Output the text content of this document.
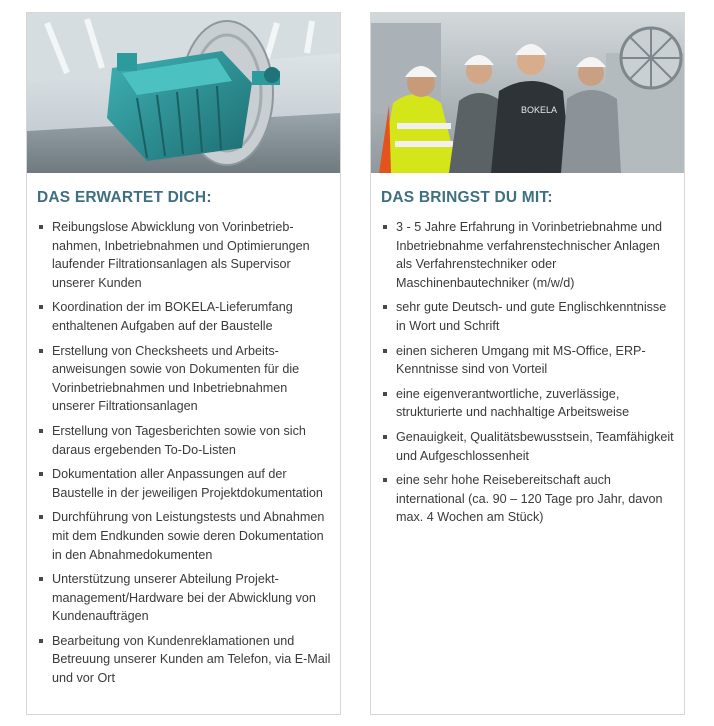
DAS ERWARTET DICH:
Reibungslose Abwicklung von Vorinbetrieb-nahmen, Inbetriebnahmen und Optimierungen laufender Filtrationsanlagen als Supervisor unserer Kunden
Koordination der im BOKELA-Lieferumfang enthaltenen Aufgaben auf der Baustelle
Erstellung von Checksheets und Arbeits-anweisungen sowie von Dokumenten für die Vorinbetriebnahmen und Inbetriebnahmen unserer Filtrationsanlagen
Erstellung von Tagesberichten sowie von sich daraus ergebenden To-Do-Listen
Dokumentation aller Anpassungen auf der Baustelle in der jeweiligen Projektdokumentation
Durchführung von Leistungstests und Abnahmen mit dem Endkunden sowie deren Dokumentation in den Abnahmedokumenten
Unterstützung unserer Abteilung Projekt-management/Hardware bei der Abwicklung von Kundenaufträgen
Bearbeitung von Kundenreklamationen und Betreuung unserer Kunden am Telefon, via E-Mail und vor Ort
BOKELA
DAS BRINGST DU MIT:
3 - 5 Jahre Erfahrung in Vorinbetriebnahme und Inbetriebnahme verfahrenstechnischer Anlagen als Verfahrenstechniker oder Maschinenbautechniker (m/w/d)
sehr gute Deutsch- und gute Englischkenntnisse in Wort und Schrift
einen sicheren Umgang mit MS-Office, ERP-Kenntnisse sind von Vorteil
eine eigenverantwortliche, zuverlässige, strukturierte und nachhaltige Arbeitsweise
Genauigkeit, Qualitätsbewusstsein, Teamfähigkeit und Aufgeschlossenheit
eine sehr hohe Reisebereitschaft auch international (ca. 90 – 120 Tage pro Jahr, davon max. 4 Wochen am Stück)
